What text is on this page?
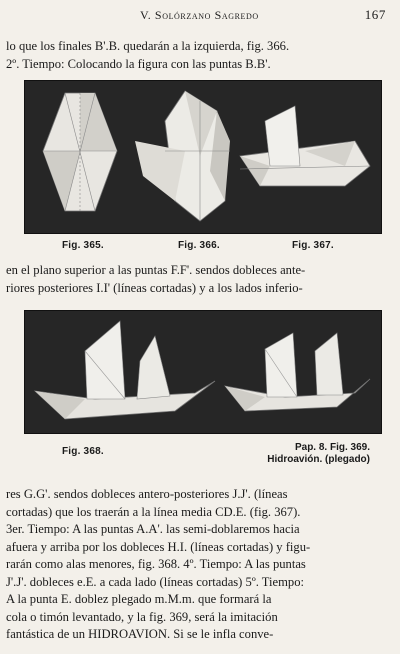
V. Solórzano Sagredo	167
lo que los finales B'.B. quedarán a la izquierda, fig. 366.
2º. Tiempo: Colocando la figura con las puntas B.B'.
Fig. 365.	Fig. 366.	Fig. 367.
en el plano superior a las puntas F.F'. sendos dobleces ante-
riores posteriores I.I' (líneas cortadas) y a los lados inferio-
Fig. 368.	Pap. 8. Fig. 369.
Hidroavión. (plegado)
res G.G'. sendos dobleces antero-posteriores J.J'. (líneas
cortadas) que los traerán a la línea media CD.E. (fig. 367).
3er. Tiempo: A las puntas A.A'. las semi-doblaremos hacia
afuera y arriba por los dobleces H.I. (líneas cortadas) y figu-
rarán como alas menores, fig. 368. 4º. Tiempo: A las puntas
J'.J'. dobleces e.E. a cada lado (líneas cortadas) 5º. Tiempo:
A la punta E. doblez plegado m.M.m. que formará la
cola o timón levantado, y la fig. 369, será la imitación
fantástica de un HIDROAVION. Si se le infla conve-
